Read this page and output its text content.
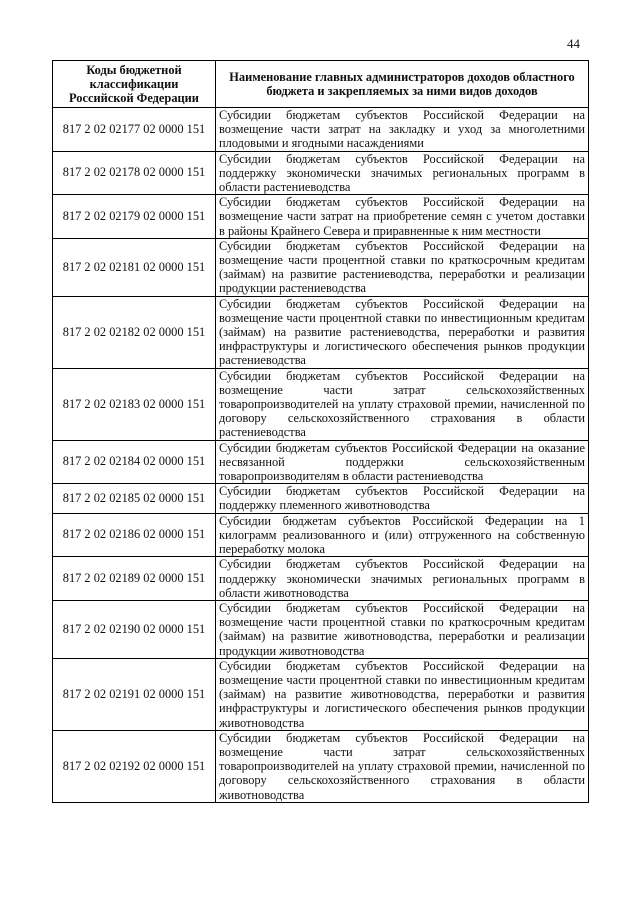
44
Коды бюджетной классификации Российской Федерации	Наименование главных администраторов доходов областного бюджета и закрепляемых за ними видов доходов
817 2 02 02177 02 0000 151	Субсидии бюджетам субъектов Российской Федерации на возмещение части затрат на закладку и уход за многолетними плодовыми и ягодными насаждениями
817 2 02 02178 02 0000 151	Субсидии бюджетам субъектов Российской Федерации на поддержку экономически значимых региональных программ в области растениеводства
817 2 02 02179 02 0000 151	Субсидии бюджетам субъектов Российской Федерации на возмещение части затрат на приобретение семян с учетом доставки в районы Крайнего Севера и приравненные к ним местности
817 2 02 02181 02 0000 151	Субсидии бюджетам субъектов Российской Федерации на возмещение части процентной ставки по краткосрочным кредитам (займам) на развитие растениеводства, переработки и реализации продукции растениеводства
817 2 02 02182 02 0000 151	Субсидии бюджетам субъектов Российской Федерации на возмещение части процентной ставки по инвестиционным кредитам (займам) на развитие растениеводства, переработки и развития инфраструктуры и логистического обеспечения рынков продукции растениеводства
817 2 02 02183 02 0000 151	Субсидии бюджетам субъектов Российской Федерации на возмещение части затрат сельскохозяйственных товаропроизводителей на уплату страховой премии, начисленной по договору сельскохозяйственного страхования в области растениеводства
817 2 02 02184 02 0000 151	Субсидии бюджетам субъектов Российской Федерации на оказание несвязанной поддержки сельскохозяйственным товаропроизводителям в области растениеводства
817 2 02 02185 02 0000 151	Субсидии бюджетам субъектов Российской Федерации на поддержку племенного животноводства
817 2 02 02186 02 0000 151	Субсидии бюджетам субъектов Российской Федерации на 1 килограмм реализованного и (или) отгруженного на собственную переработку молока
817 2 02 02189 02 0000 151	Субсидии бюджетам субъектов Российской Федерации на поддержку экономически значимых региональных программ в области животноводства
817 2 02 02190 02 0000 151	Субсидии бюджетам субъектов Российской Федерации на возмещение части процентной ставки по краткосрочным кредитам (займам) на развитие животноводства, переработки и реализации продукции животноводства
817 2 02 02191 02 0000 151	Субсидии бюджетам субъектов Российской Федерации на возмещение части процентной ставки по инвестиционным кредитам (займам) на развитие животноводства, переработки и развития инфраструктуры и логистического обеспечения рынков продукции животноводства
817 2 02 02192 02 0000 151	Субсидии бюджетам субъектов Российской Федерации на возмещение части затрат сельскохозяйственных товаропроизводителей на уплату страховой премии, начисленной по договору сельскохозяйственного страхования в области животноводства
